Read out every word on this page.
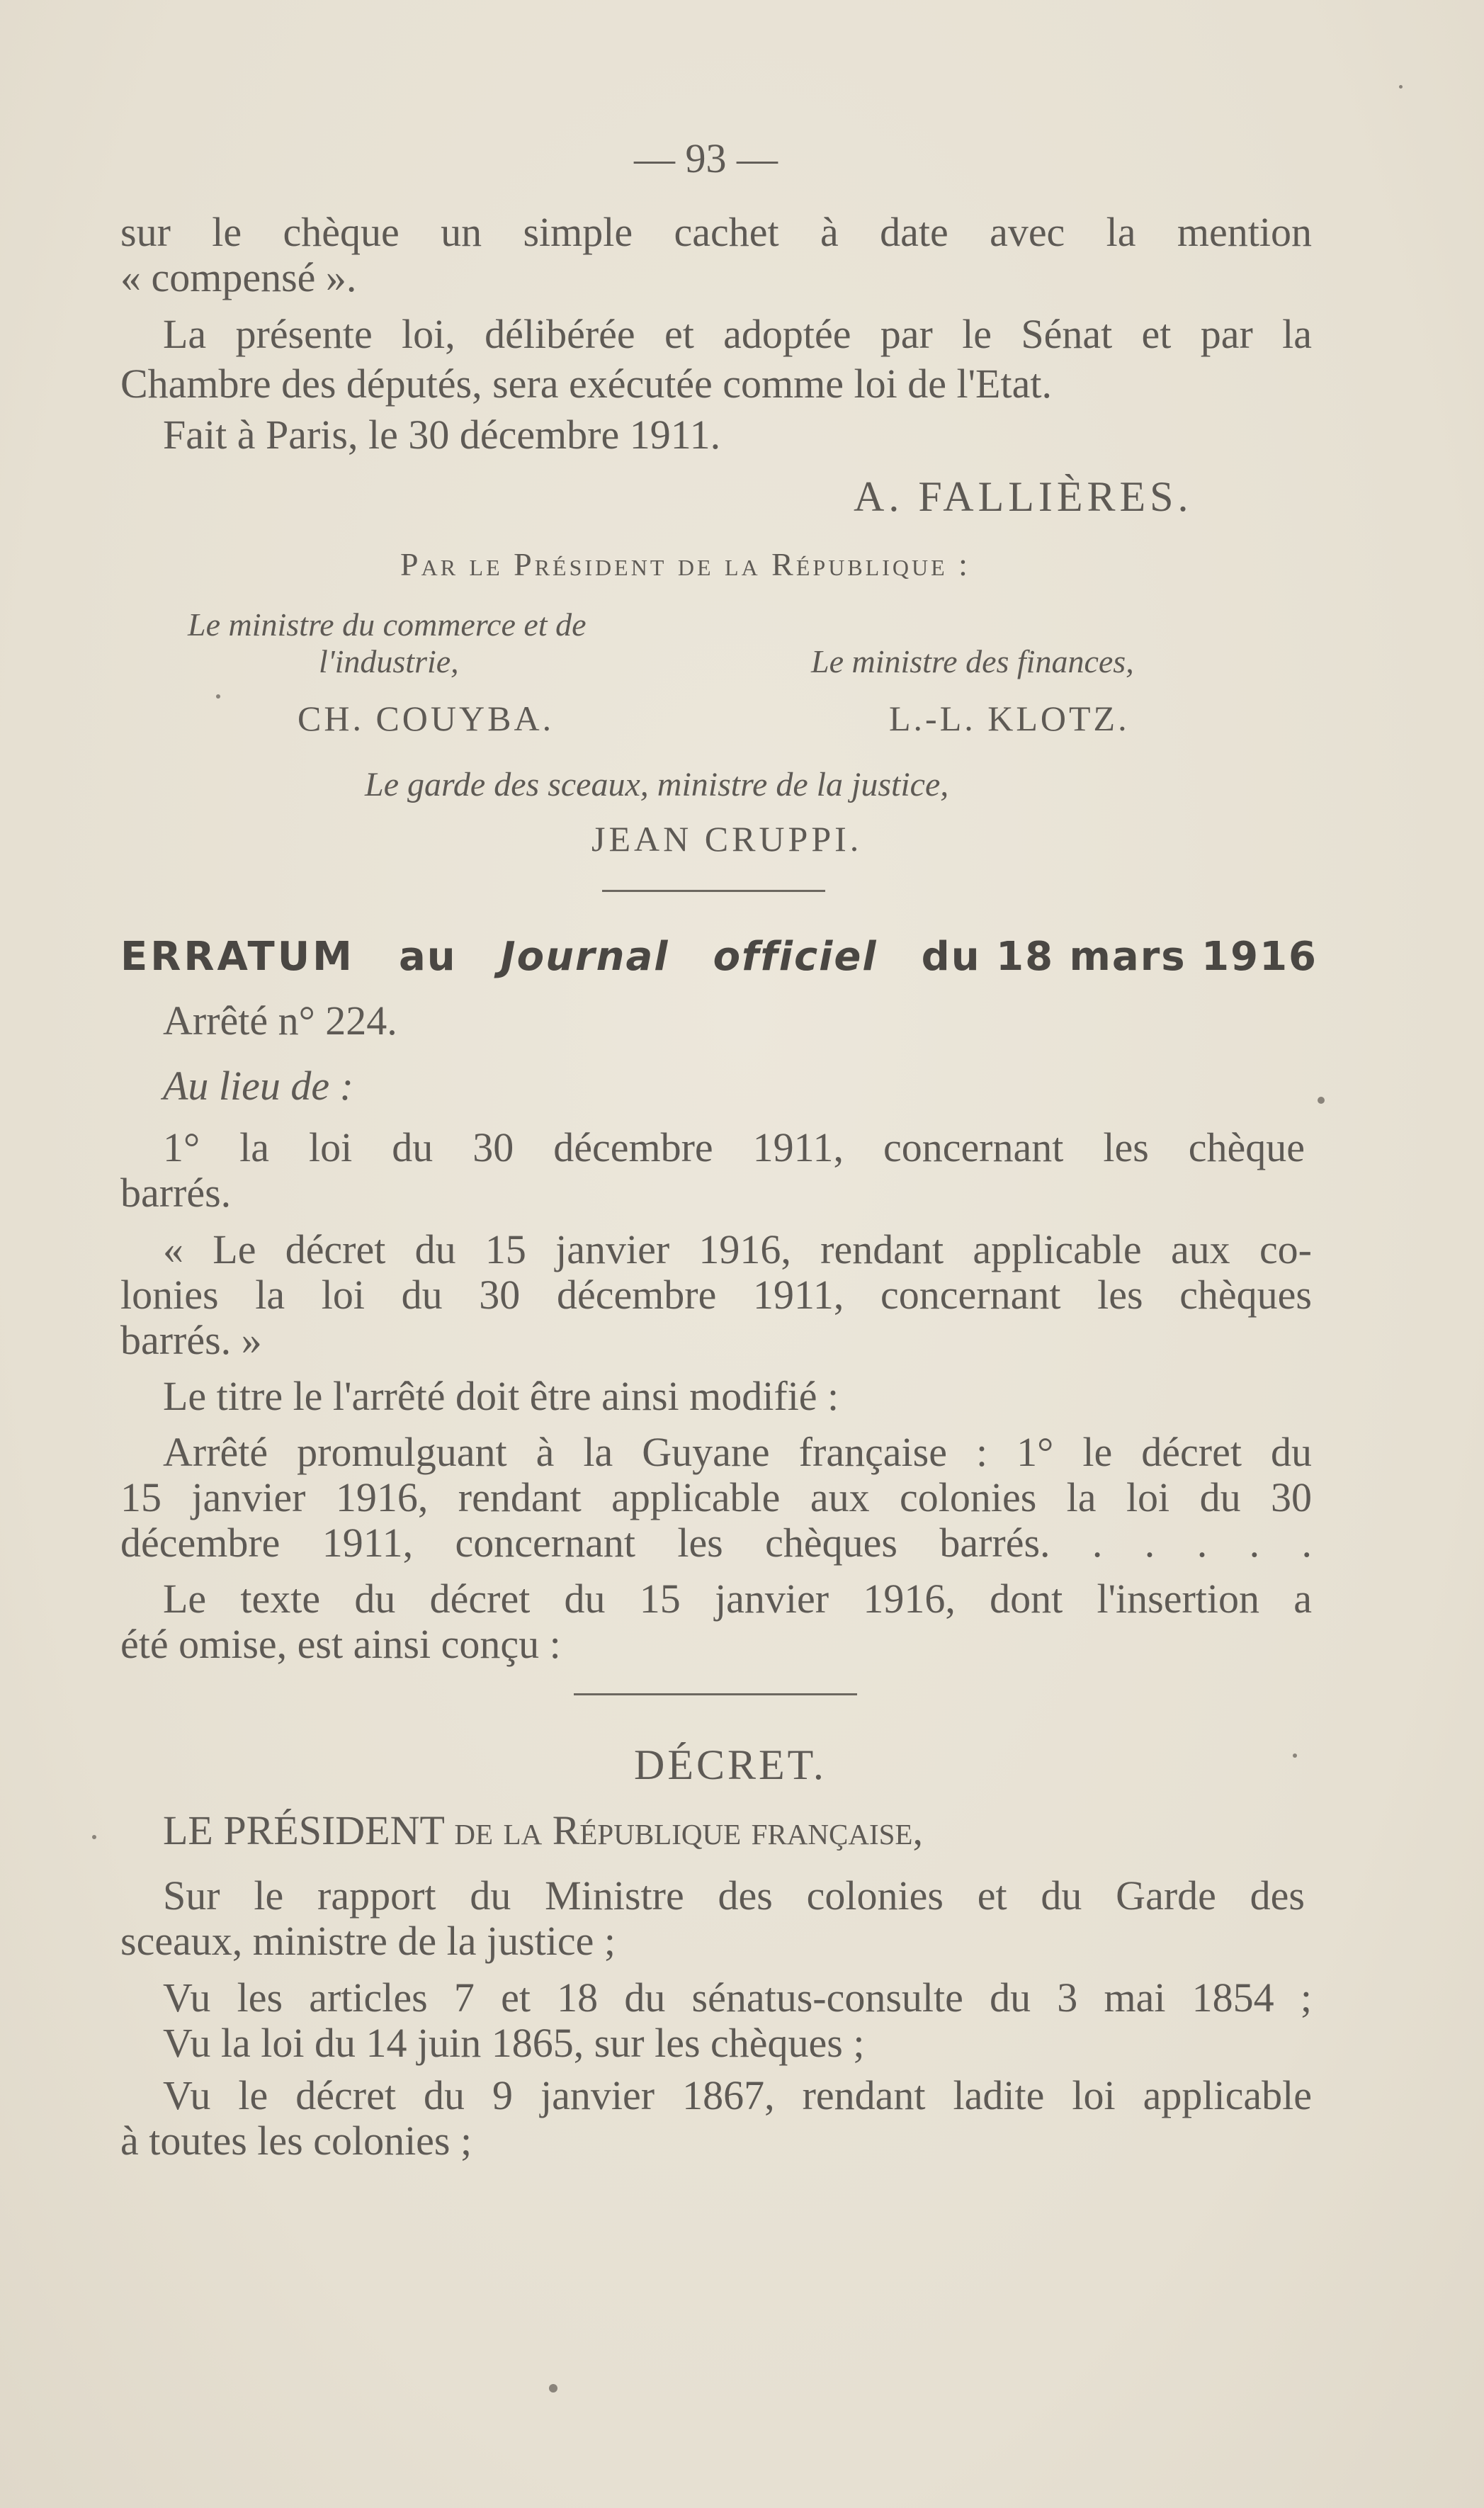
— 93 —
sur le chèque un simple cachet à date avec la mention
« compensé ».
La présente loi, délibérée et adoptée par le Sénat et par la
Chambre des députés, sera exécutée comme loi de l'Etat.
Fait à Paris, le 30 décembre 1911.
A. FALLIÈRES.
Par le Président de la République :
Le ministre du commerce et de
l'industrie,	Le ministre des finances,
CH. COUYBA.	L.-L. KLOTZ.
Le garde des sceaux, ministre de la justice,
JEAN CRUPPI.
ERRATUM au Journal officiel du 18 mars 1916
Arrêté n° 224.
Au lieu de :
1° la loi du 30 décembre 1911, concernant les chèque
barrés.
« Le décret du 15 janvier 1916, rendant applicable aux co-
lonies la loi du 30 décembre 1911, concernant les chèques
barrés. »
Le titre le l'arrêté doit être ainsi modifié :
Arrêté promulguant à la Guyane française : 1° le décret du
15 janvier 1916, rendant applicable aux colonies la loi du 30
décembre 1911, concernant les chèques barrés. . . . . .
Le texte du décret du 15 janvier 1916, dont l'insertion a
été omise, est ainsi conçu :
DÉCRET.
LE PRÉSIDENT de la République française,
Sur le rapport du Ministre des colonies et du Garde des
sceaux, ministre de la justice ;
Vu les articles 7 et 18 du sénatus-consulte du 3 mai 1854 ;
Vu la loi du 14 juin 1865, sur les chèques ;
Vu le décret du 9 janvier 1867, rendant ladite loi applicable
à toutes les colonies ;
